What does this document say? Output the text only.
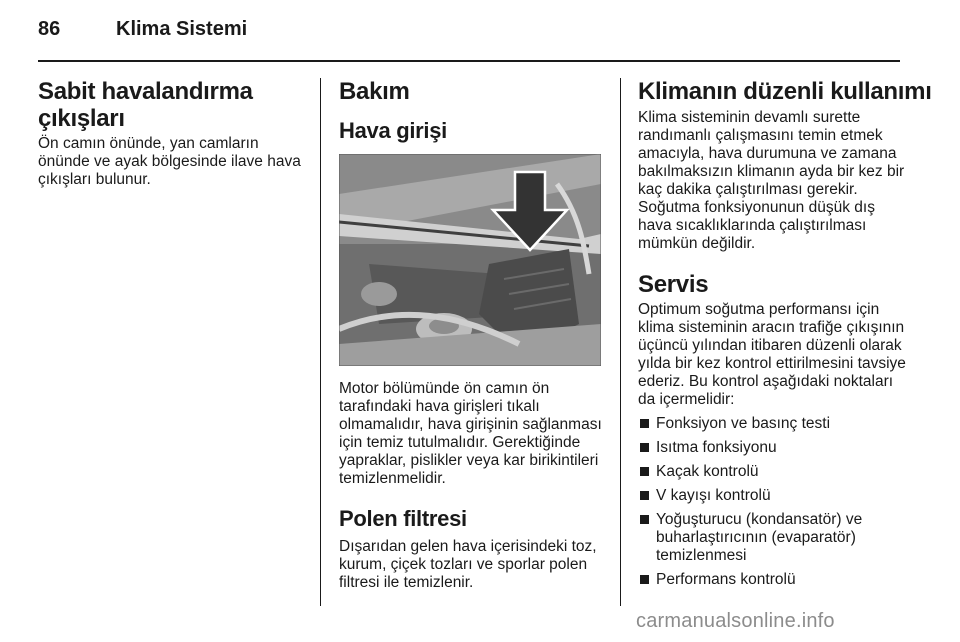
86	Klima Sistemi
Sabit havalandırma çıkışları

Ön camın önünde, yan camların önünde ve ayak bölgesinde ilave hava çıkışları bulunur.

Bakım
Hava girişi

Motor bölümünde ön camın ön tarafındaki hava girişleri tıkalı olmamalıdır, hava girişinin sağlanması için temiz tutulmalıdır. Gerektiğinde yapraklar, pislikler veya kar birikintileri temizlenmelidir.

Polen filtresi

Dışarıdan gelen hava içerisindeki toz, kurum, çiçek tozları ve sporlar polen filtresi ile temizlenir.

Klimanın düzenli kullanımı

Klima sisteminin devamlı surette randımanlı çalışmasını temin etmek amacıyla, hava durumuna ve zamana bakılmaksızın klimanın ayda bir kez bir kaç dakika çalıştırılması gerekir. Soğutma fonksiyonunun düşük dış hava sıcaklıklarında çalıştırılması mümkün değildir.

Servis

Optimum soğutma performansı için klima sisteminin aracın trafiğe çıkışının üçüncü yılından itibaren düzenli olarak yılda bir kez kontrol ettirilmesini tavsiye ederiz. Bu kontrol aşağıdaki noktaları da içermelidir:

Fonksiyon ve basınç testi
Isıtma fonksiyonu
Kaçak kontrolü
V kayışı kontrolü
Yoğuşturucu (kondansatör) ve buharlaştırıcının (evaparatör) temizlenmesi
Performans kontrolü
carmanualsonline.info
